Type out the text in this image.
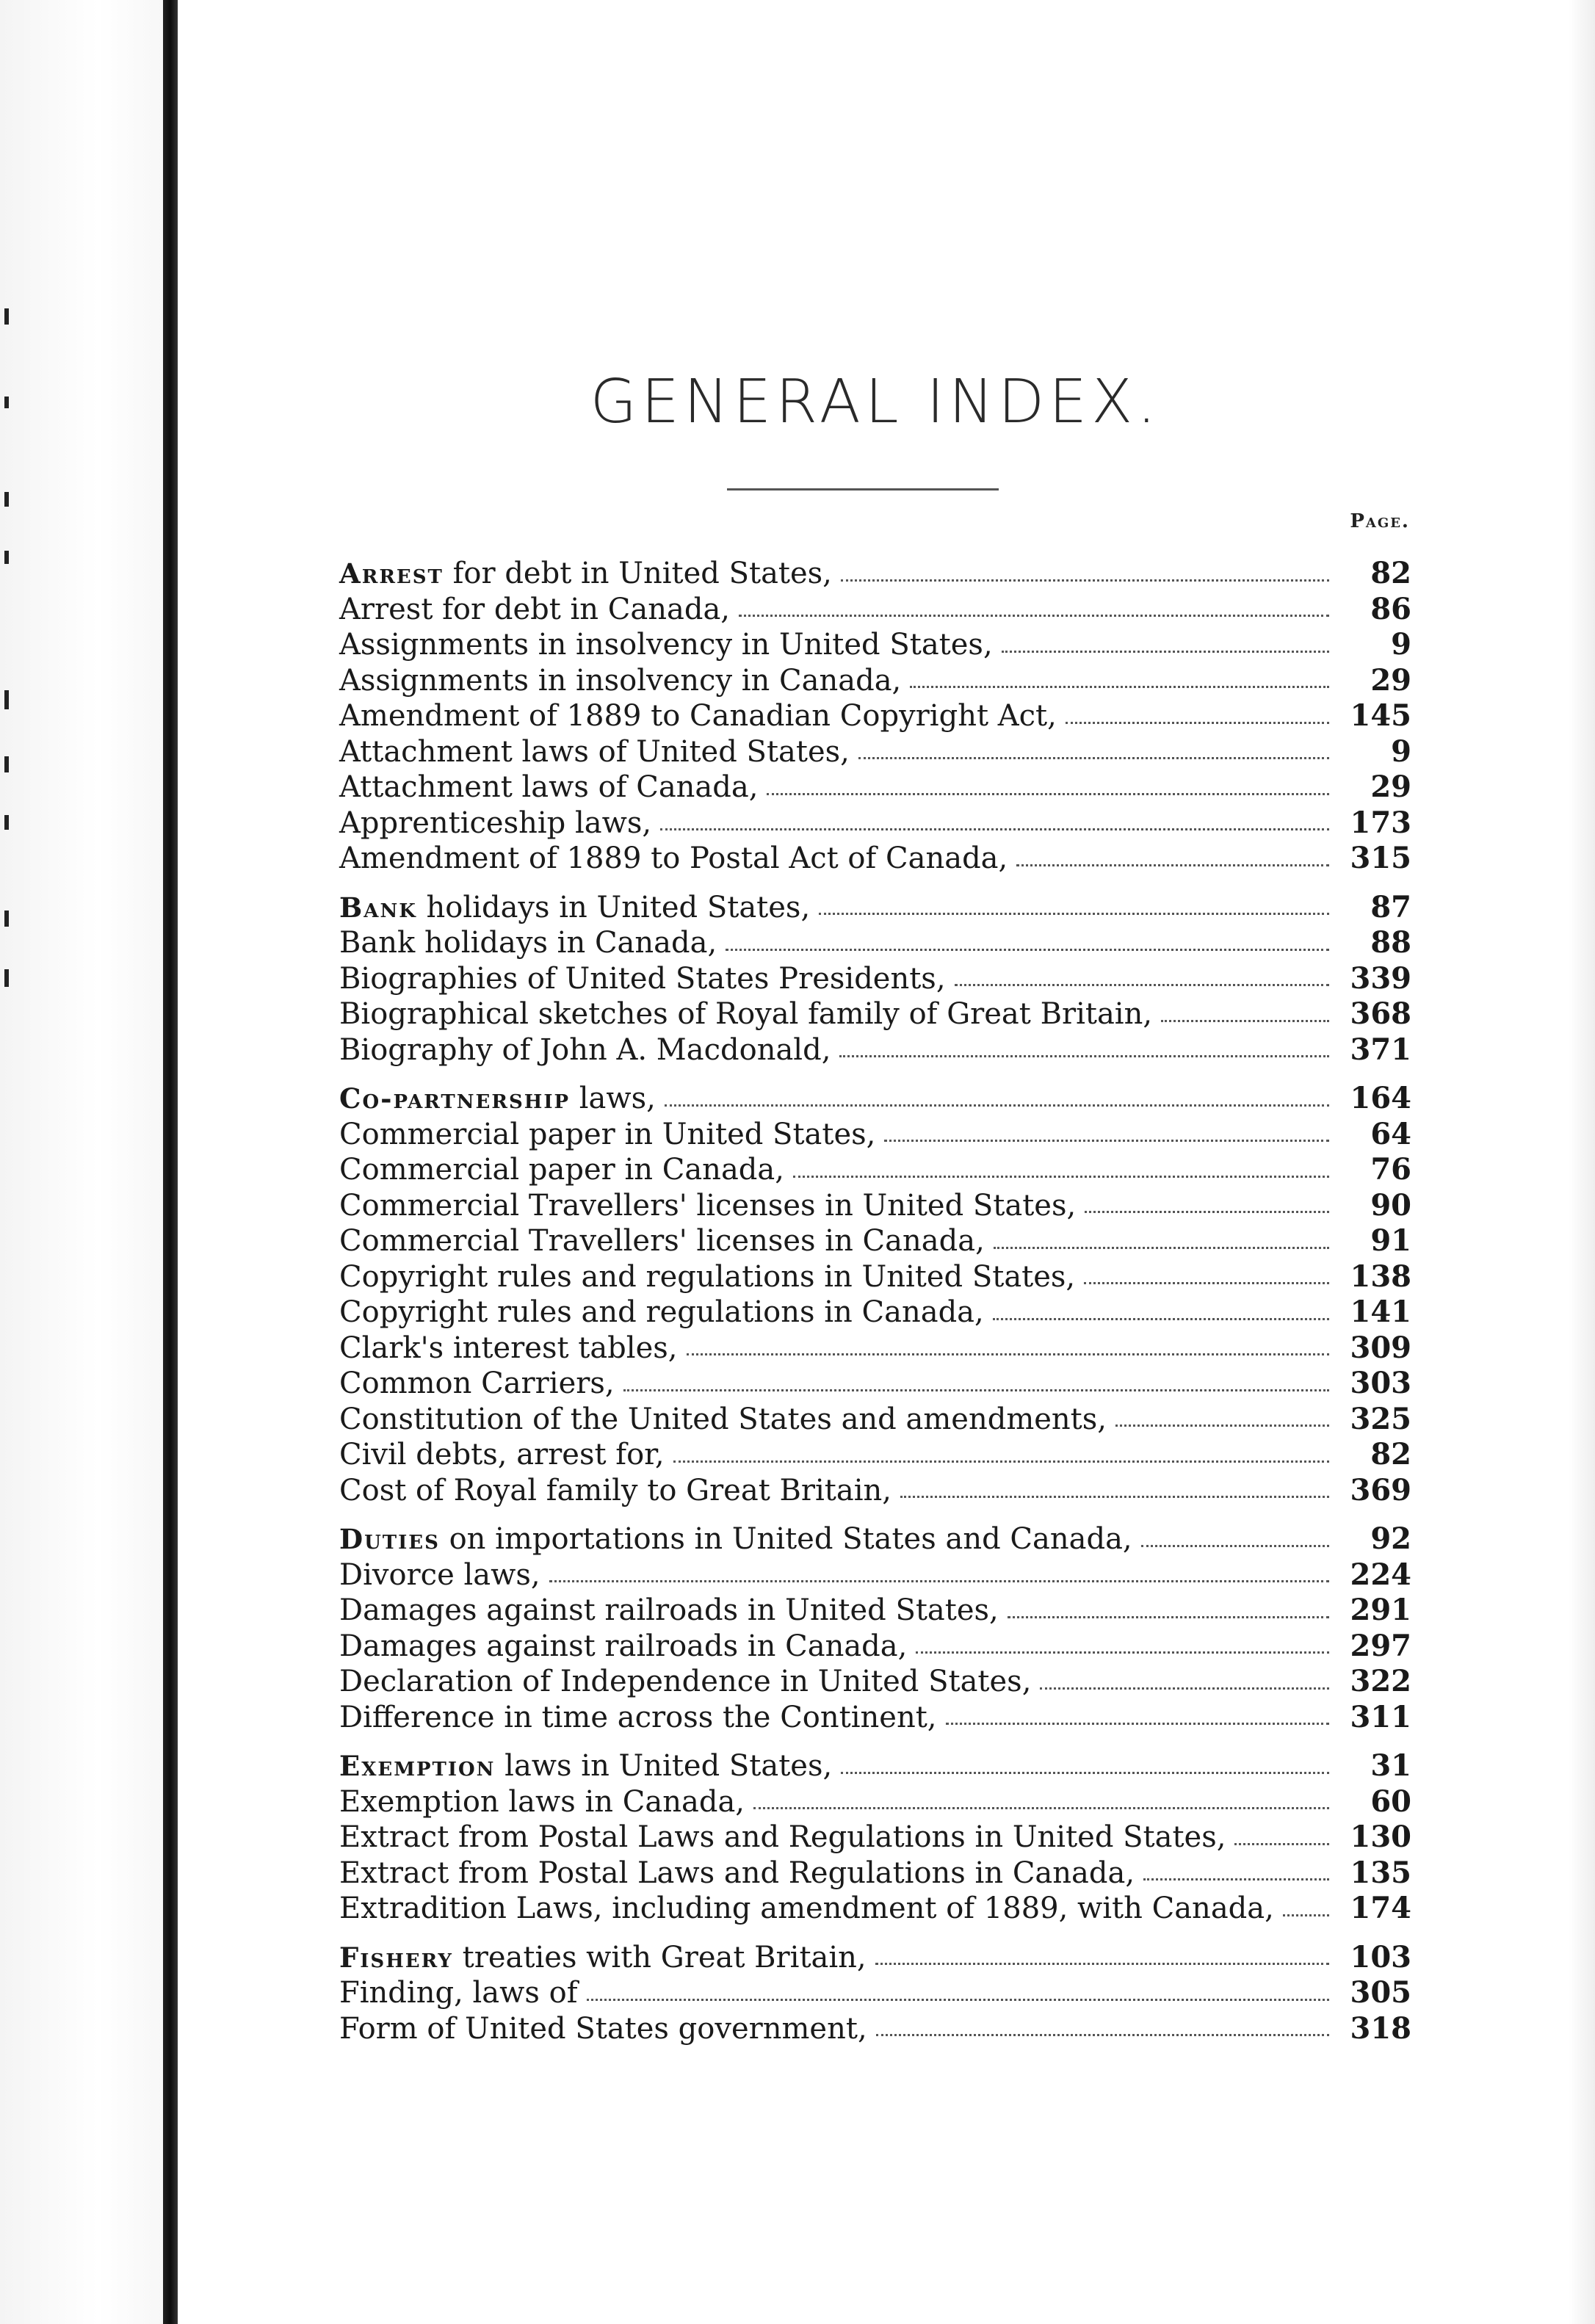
GENERAL INDEX.
Page.
Arrest for debt in United States,	82
Arrest for debt in Canada,	86
Assignments in insolvency in United States,	9
Assignments in insolvency in Canada,	29
Amendment of 1889 to Canadian Copyright Act,	145
Attachment laws of United States,	9
Attachment laws of Canada,	29
Apprenticeship laws,	173
Amendment of 1889 to Postal Act of Canada,	315
Bank holidays in United States,	87
Bank holidays in Canada,	88
Biographies of United States Presidents,	339
Biographical sketches of Royal family of Great Britain,	368
Biography of John A. Macdonald,	371
Co-partnership laws,	164
Commercial paper in United States,	64
Commercial paper in Canada,	76
Commercial Travellers' licenses in United States,	90
Commercial Travellers' licenses in Canada,	91
Copyright rules and regulations in United States,	138
Copyright rules and regulations in Canada,	141
Clark's interest tables,	309
Common Carriers,	303
Constitution of the United States and amendments,	325
Civil debts, arrest for,	82
Cost of Royal family to Great Britain,	369
Duties on importations in United States and Canada,	92
Divorce laws,	224
Damages against railroads in United States,	291
Damages against railroads in Canada,	297
Declaration of Independence in United States,	322
Difference in time across the Continent,	311
Exemption laws in United States,	31
Exemption laws in Canada,	60
Extract from Postal Laws and Regulations in United States,	130
Extract from Postal Laws and Regulations in Canada,	135
Extradition Laws, including amendment of 1889, with Canada,	174
Fishery treaties with Great Britain,	103
Finding, laws of	305
Form of United States government,	318
